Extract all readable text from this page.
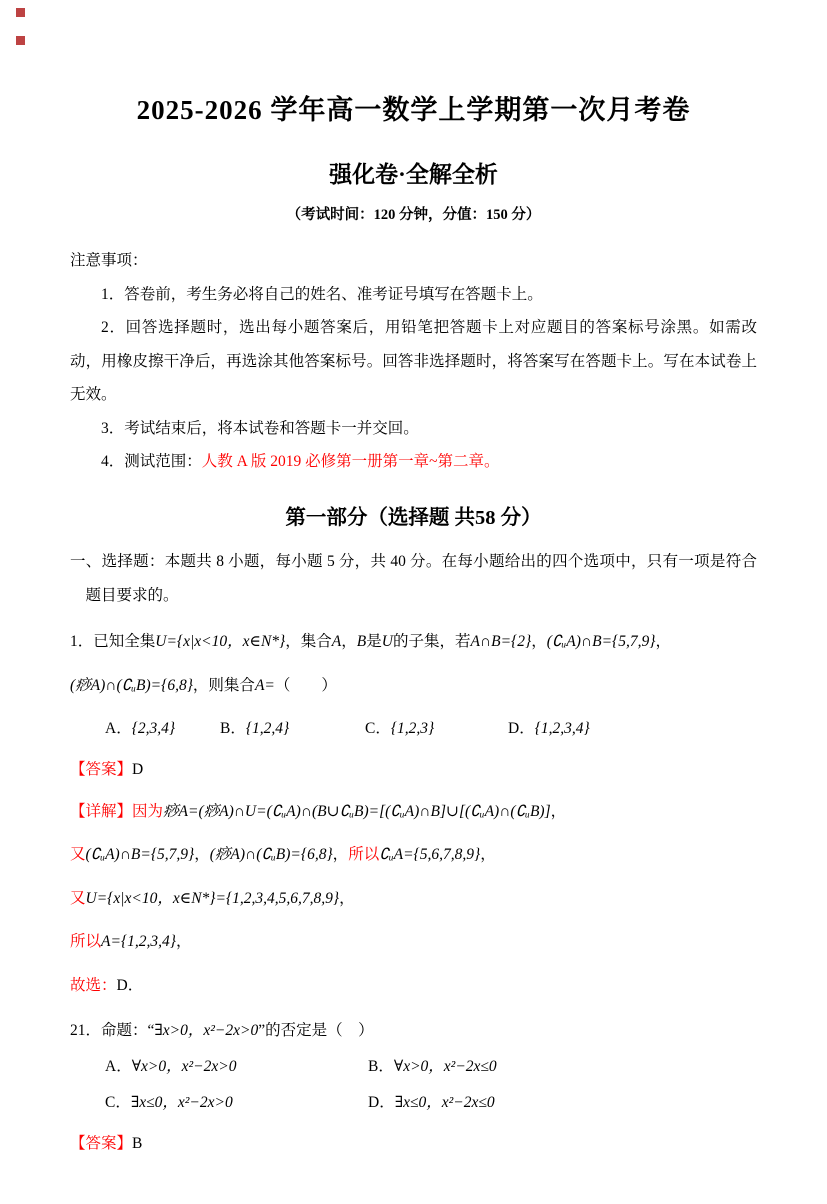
2025-2026 学年高一数学上学期第一次月考卷
强化卷·全解全析
（考试时间：120 分钟，分值：150 分）

注意事项：

1．答卷前，考生务必将自己的姓名、准考证号填写在答题卡上。

2．回答选择题时，选出每小题答案后，用铅笔把答题卡上对应题目的答案标号涂黑。如需改动，用橡皮擦干净后，再选涂其他答案标号。回答非选择题时，将答案写在答题卡上。写在本试卷上无效。

3．考试结束后，将本试卷和答题卡一并交回。

4．测试范围：人教 A 版 2019 必修第一册第一章~第二章。

第一部分（选择题 共58 分）

一、选择题：本题共 8 小题，每小题 5 分，共 40 分。在每小题给出的四个选项中，只有一项是符合题目要求的。

1．已知全集U={x|x<10，x∈N*}，集合A，B是U的子集，若A∩B={2}，(∁ᵤA)∩B={5,7,9}，

(痧A)∩(∁ᵤB)={6,8}，则集合A=（　　）

A．{2,3,4}	B．{1,2,4}	C．{1,2,3}	D．{1,2,3,4}

【答案】D

【详解】因为痧A=(痧A)∩U=(∁ᵤA)∩(B∪∁ᵤB)=[(∁ᵤA)∩B]∪[(∁ᵤA)∩(∁ᵤB)]，

又(∁ᵤA)∩B={5,7,9}，(痧A)∩(∁ᵤB)={6,8}，所以∁ᵤA={5,6,7,8,9}，

又U={x|x<10，x∈N*}={1,2,3,4,5,6,7,8,9}，

所以A={1,2,3,4}，

故选：D．

21．命题：“∃x>0，x²−2x>0”的否定是（　）

A．∀x>0，x²−2x>0	B．∀x>0，x²−2x≤0
C．∃x≤0，x²−2x>0	D．∃x≤0，x²−2x≤0

【答案】B
